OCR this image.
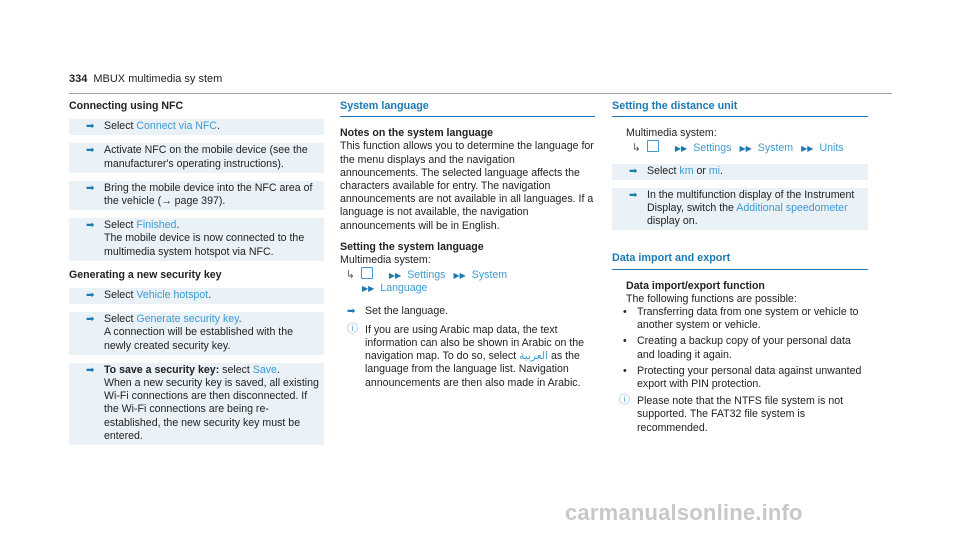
334 MBUX multimedia sy stem

Connecting using NFC

➡ Select Connect via NFC.
➡ Activate NFC on the mobile device (see the manufacturer's operating instructions).
➡ Bring the mobile device into the NFC area of the vehicle (→ page 397).
➡ Select Finished.
The mobile device is now connected to the multimedia system hotspot via NFC.

Generating a new security key

➡ Select Vehicle hotspot.
➡ Select Generate security key.
A connection will be established with the newly created security key.
➡ To save a security key: select Save.
When a new security key is saved, all existing Wi-Fi connections are then disconnected. If the Wi-Fi connections are being re-established, the new security key must be entered.

System language

Notes on the system language

This function allows you to determine the language for the menu displays and the navigation announcements. The selected language affects the characters available for entry. The navigation announcements are not available in all languages. If a language is not available, the navigation announcements will be in English.

Setting the system language

Multimedia system:

↳	▶▶ Settings ▶▶ System
▶▶ Language
➡ Set the language.
ⓘ If you are using Arabic map data, the text information can also be shown in Arabic on the navigation map. To do so, select العربية as the language from the language list. Navigation announcements are then also made in Arabic.

Setting the distance unit

Multimedia system:

↳	▶▶ Settings ▶▶ System ▶▶ Units
➡ Select km or mi.
➡ In the multifunction display of the Instrument Display, switch the Additional speedometer display on.

Data import and export

Data import/export function

The following functions are possible:

• Transferring data from one system or vehicle to another system or vehicle.
• Creating a backup copy of your personal data and loading it again.
• Protecting your personal data against unwanted export with PIN protection.
ⓘ Please note that the NTFS file system is not supported. The FAT32 file system is recommended.
carmanualsonline.info
